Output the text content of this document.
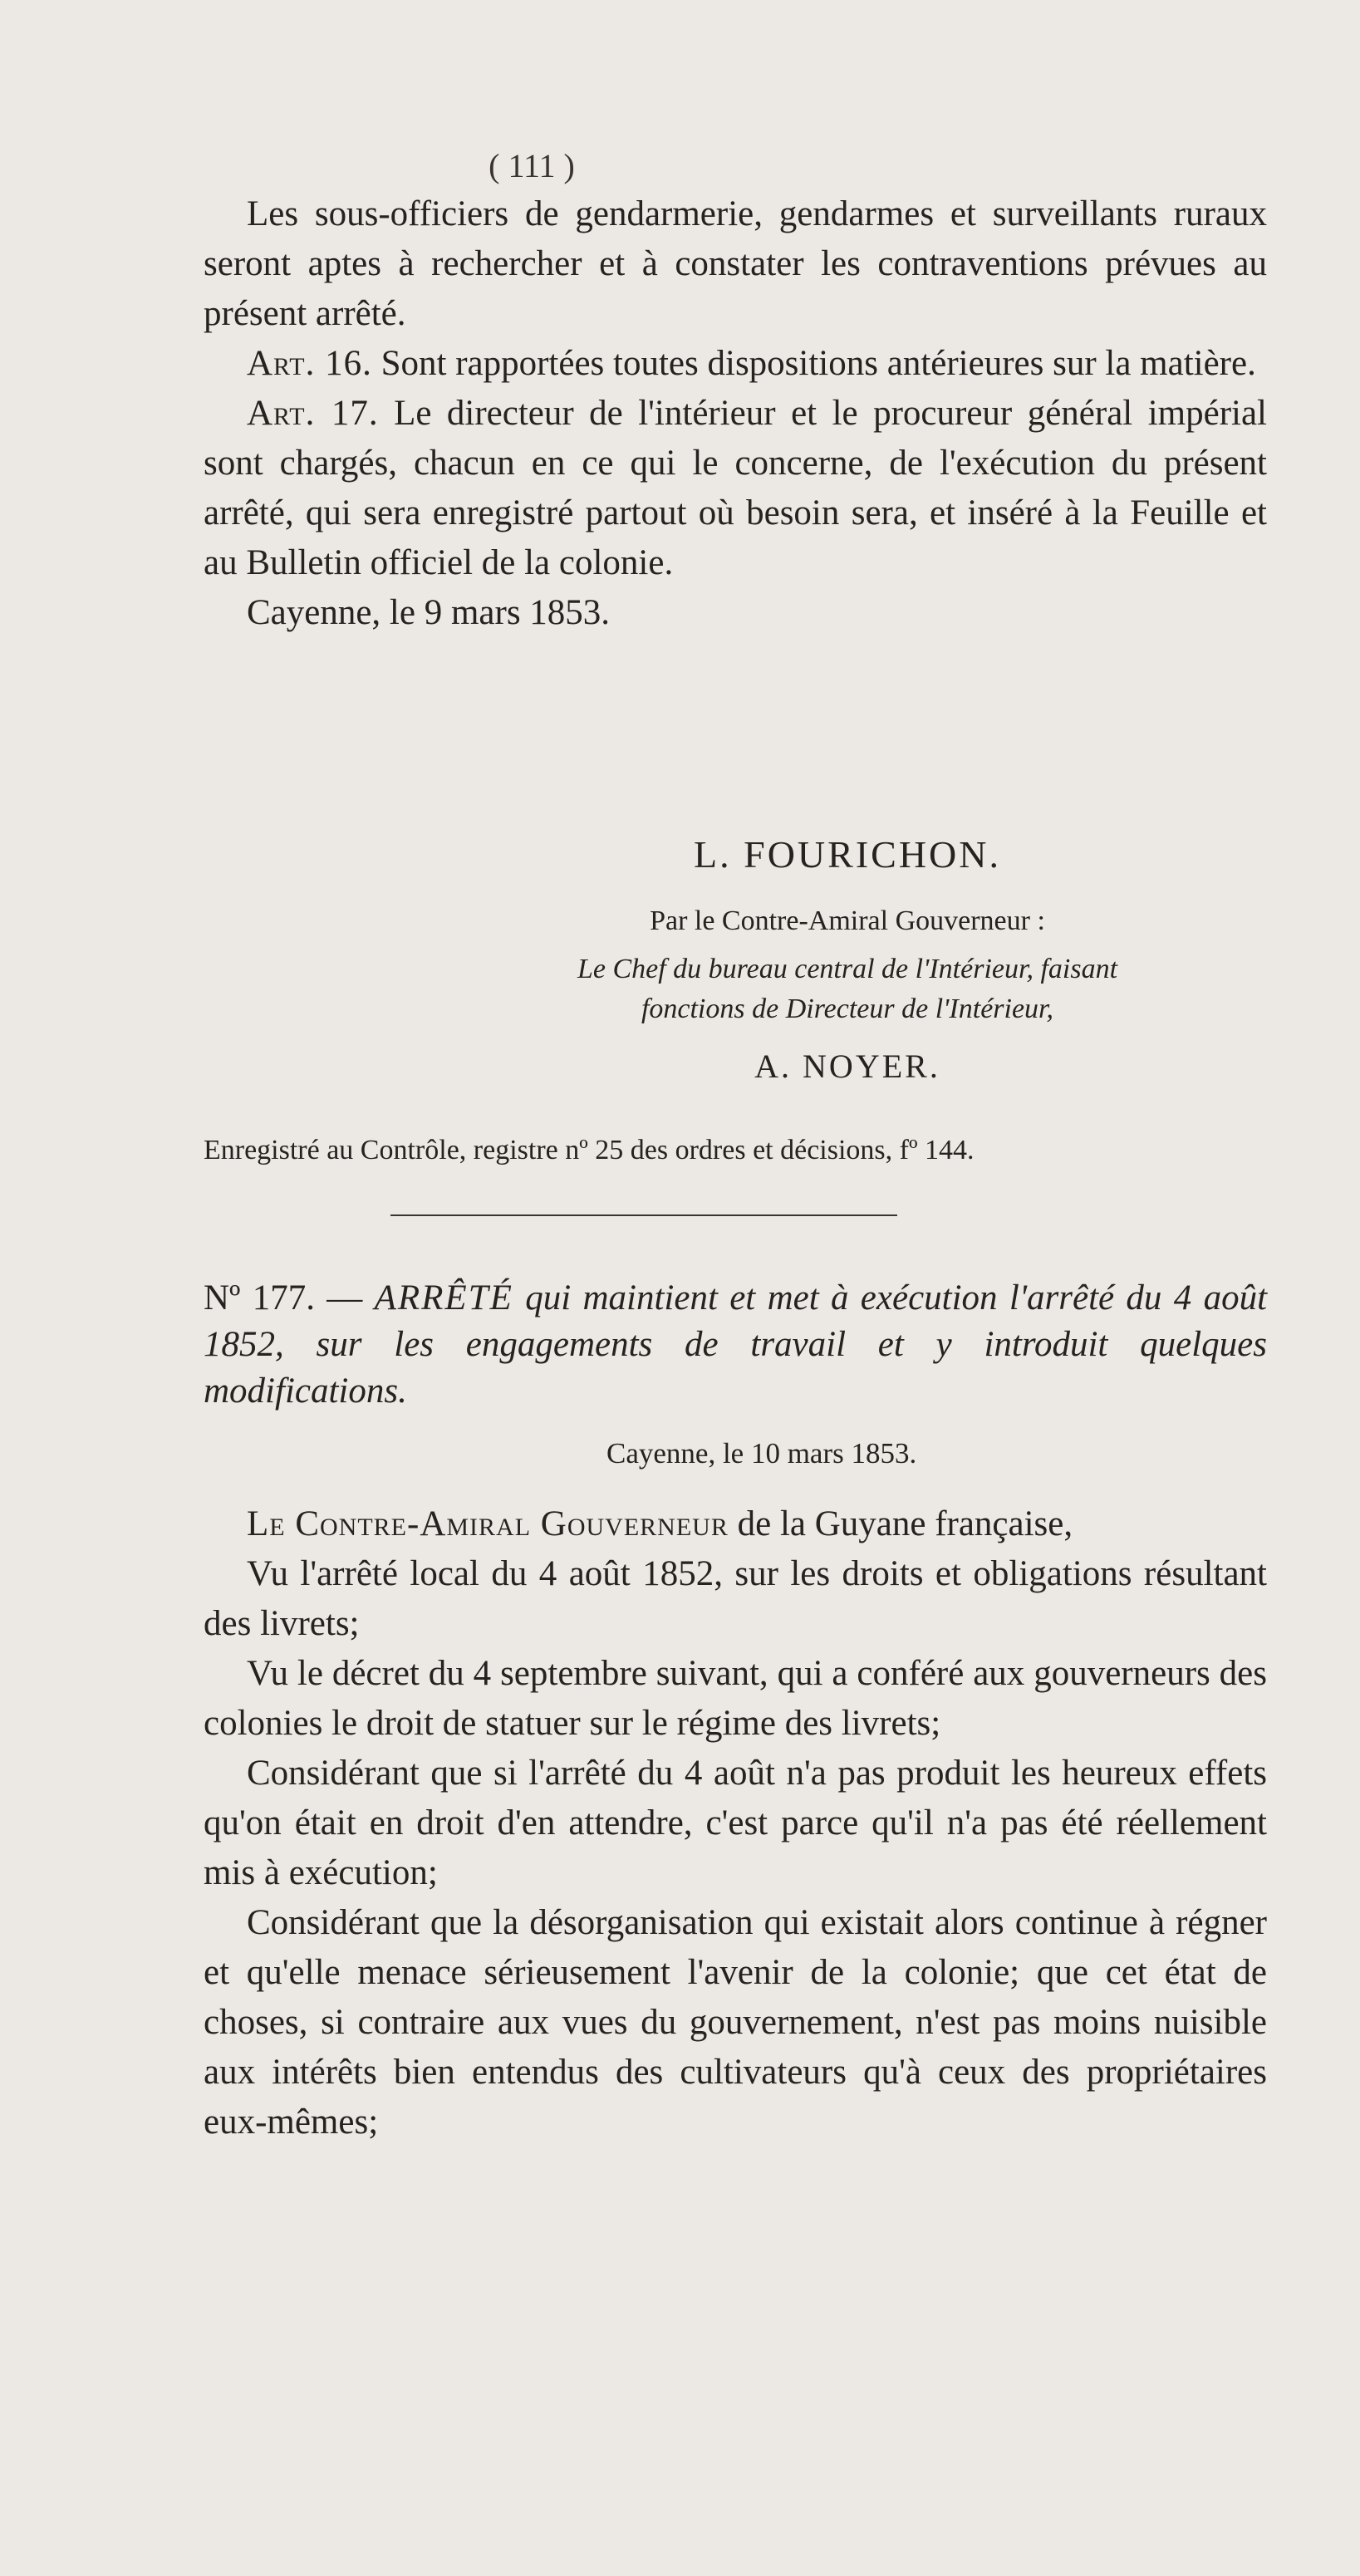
( 111 )

Les sous-officiers de gendarmerie, gendarmes et surveillants ruraux seront aptes à rechercher et à constater les contraventions prévues au présent arrêté.

Art. 16. Sont rapportées toutes dispositions antérieures sur la matière.

Art. 17. Le directeur de l'intérieur et le procureur général impérial sont chargés, chacun en ce qui le concerne, de l'exécution du présent arrêté, qui sera enregistré partout où besoin sera, et inséré à la Feuille et au Bulletin officiel de la colonie.

Cayenne, le 9 mars 1853.

L. FOURICHON.
Par le Contre-Amiral Gouverneur :
Le Chef du bureau central de l'Intérieur, faisant
fonctions de Directeur de l'Intérieur,
A. NOYER.
Enregistré au Contrôle, registre nº 25 des ordres et décisions, fº 144.
Nº 177. — ARRÊTÉ qui maintient et met à exécution l'arrêté du 4 août 1852, sur les engagements de travail et y introduit quelques modifications.
Cayenne, le 10 mars 1853.

Le Contre-Amiral Gouverneur de la Guyane française,

Vu l'arrêté local du 4 août 1852, sur les droits et obligations résultant des livrets;

Vu le décret du 4 septembre suivant, qui a conféré aux gouverneurs des colonies le droit de statuer sur le régime des livrets;

Considérant que si l'arrêté du 4 août n'a pas produit les heureux effets qu'on était en droit d'en attendre, c'est parce qu'il n'a pas été réellement mis à exécution;

Considérant que la désorganisation qui existait alors continue à régner et qu'elle menace sérieusement l'avenir de la colonie; que cet état de choses, si contraire aux vues du gouvernement, n'est pas moins nuisible aux intérêts bien entendus des cultivateurs qu'à ceux des propriétaires eux-mêmes;
